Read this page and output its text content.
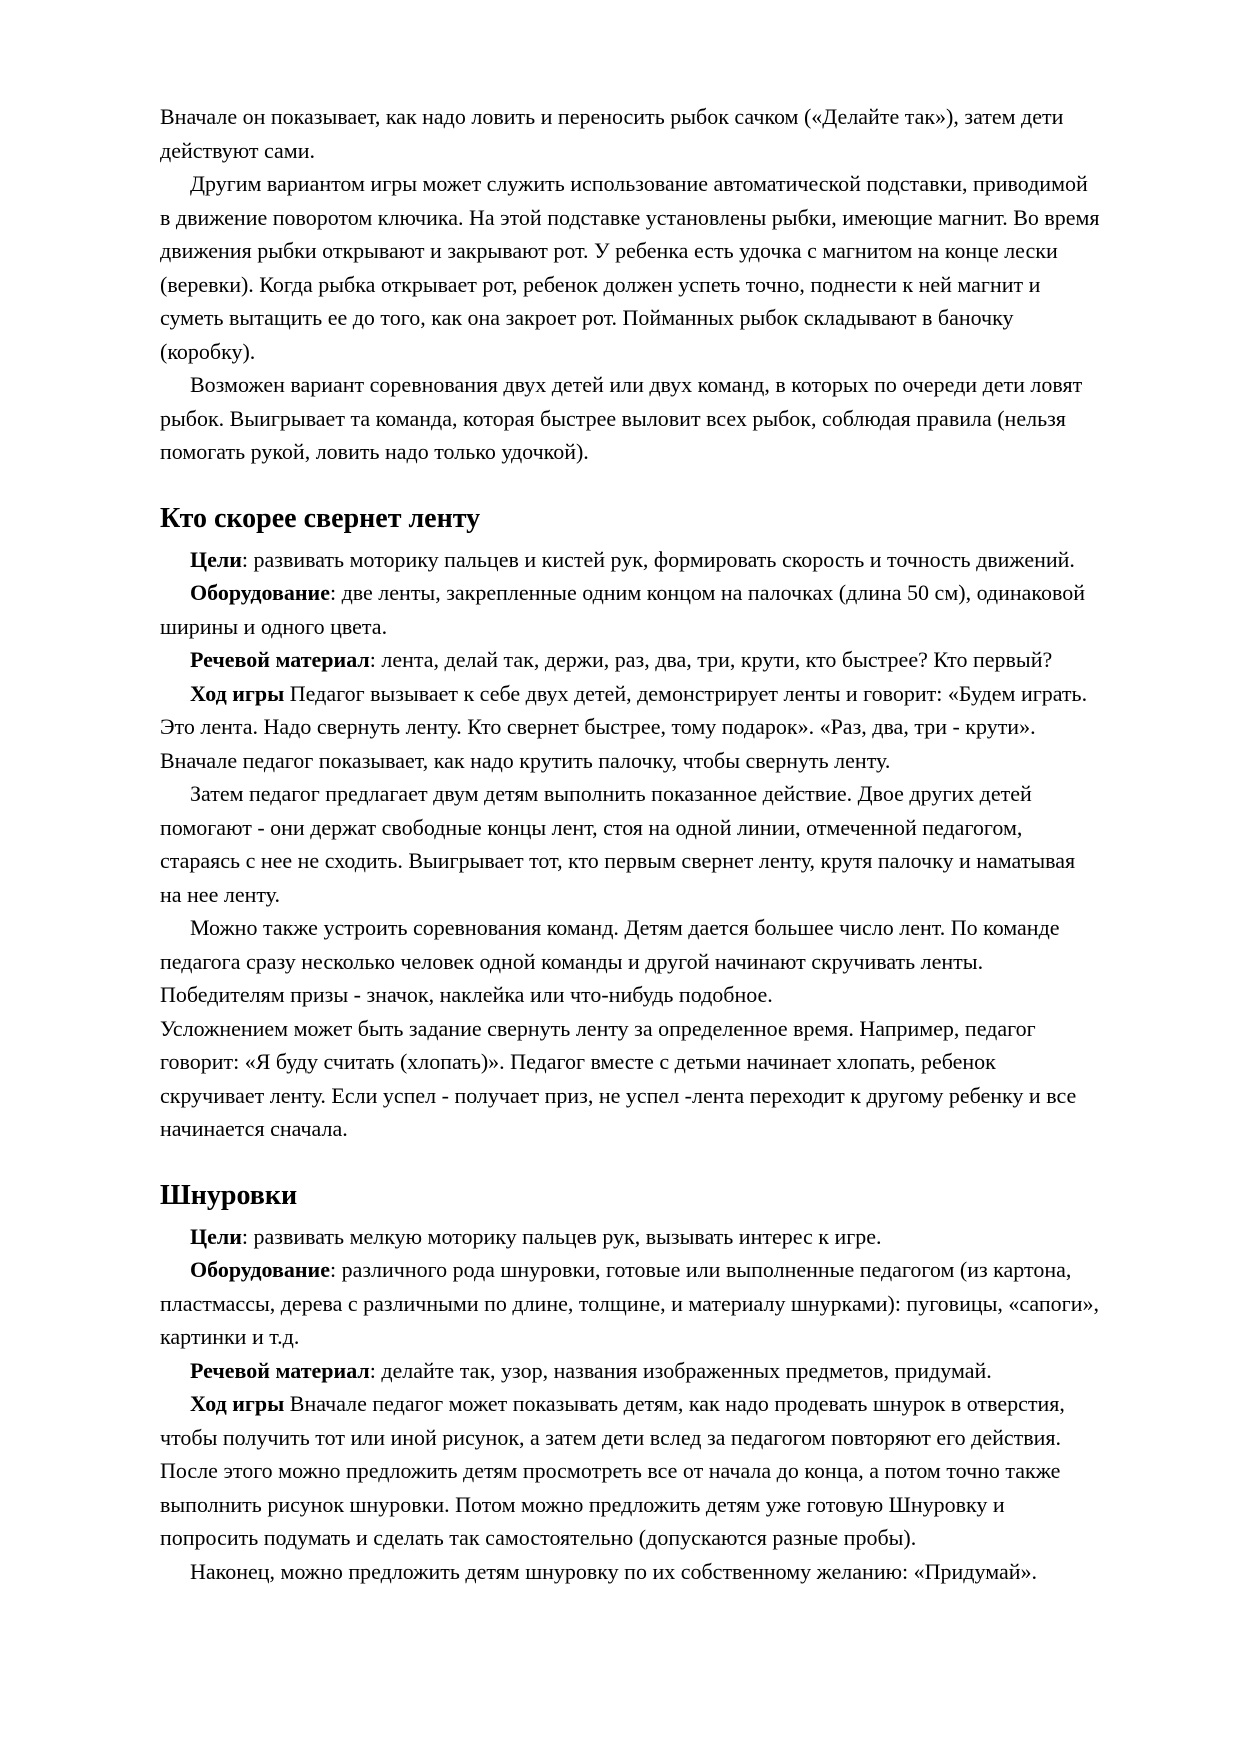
Вначале он показывает, как надо ловить и переносить рыбок сачком («Делайте так»), затем дети действуют сами.

Другим вариантом игры может служить использование автоматической подставки, приводимой в движение поворотом ключика. На этой подставке установлены рыбки, имеющие магнит. Во время движения рыбки открывают и закрывают рот. У ребенка есть удочка с магнитом на конце лески (веревки). Когда рыбка открывает рот, ребенок должен успеть точно, поднести к ней магнит и суметь вытащить ее до того, как она закроет рот. Пойманных рыбок складывают в баночку (коробку).

Возможен вариант соревнования двух детей или двух команд, в которых по очереди дети ловят рыбок. Выигрывает та команда, которая быстрее выловит всех рыбок, соблюдая правила (нельзя помогать рукой, ловить надо только удочкой).

Кто скорее свернет ленту

Цели: развивать моторику пальцев и кистей рук, формировать скорость и точность движений.

Оборудование: две ленты, закрепленные одним концом на палочках (длина 50 см), одинаковой ширины и одного цвета.

Речевой материал: лента, делай так, держи, раз, два, три, крути, кто быстрее? Кто первый?

Ход игры Педагог вызывает к себе двух детей, демонстрирует ленты и говорит: «Будем играть. Это лента. Надо свернуть ленту. Кто свернет быстрее, тому подарок». «Раз, два, три - крути». Вначале педагог показывает, как надо крутить палочку, чтобы свернуть ленту.

Затем педагог предлагает двум детям выполнить показанное действие. Двое других детей помогают - они держат свободные концы лент, стоя на одной линии, отмеченной педагогом, стараясь с нее не сходить. Выигрывает тот, кто первым свернет ленту, крутя палочку и наматывая на нее ленту.

Можно также устроить соревнования команд. Детям дается большее число лент. По команде педагога сразу несколько человек одной команды и другой начинают скручивать ленты. Победителям призы - значок, наклейка или что-нибудь подобное.

Усложнением может быть задание свернуть ленту за определенное время. Например, педагог говорит: «Я буду считать (хлопать)». Педагог вместе с детьми начинает хлопать, ребенок скручивает ленту. Если успел - получает приз, не успел -лента переходит к другому ребенку и все начинается сначала.

Шнуровки

Цели: развивать мелкую моторику пальцев рук, вызывать интерес к игре.

Оборудование: различного рода шнуровки, готовые или выполненные педагогом (из картона, пластмассы, дерева с различными по длине, толщине, и материалу шнурками): пуговицы, «сапоги», картинки и т.д.

Речевой материал: делайте так, узор, названия изображенных предметов, придумай.

Ход игры Вначале педагог может показывать детям, как надо продевать шнурок в отверстия, чтобы получить тот или иной рисунок, а затем дети вслед за педагогом повторяют его действия. После этого можно предложить детям просмотреть все от начала до конца, а потом точно также выполнить рисунок шнуровки. Потом можно предложить детям уже готовую Шнуровку и попросить подумать и сделать так самостоятельно (допускаются разные пробы).

Наконец, можно предложить детям шнуровку по их собственному желанию: «Придумай».
